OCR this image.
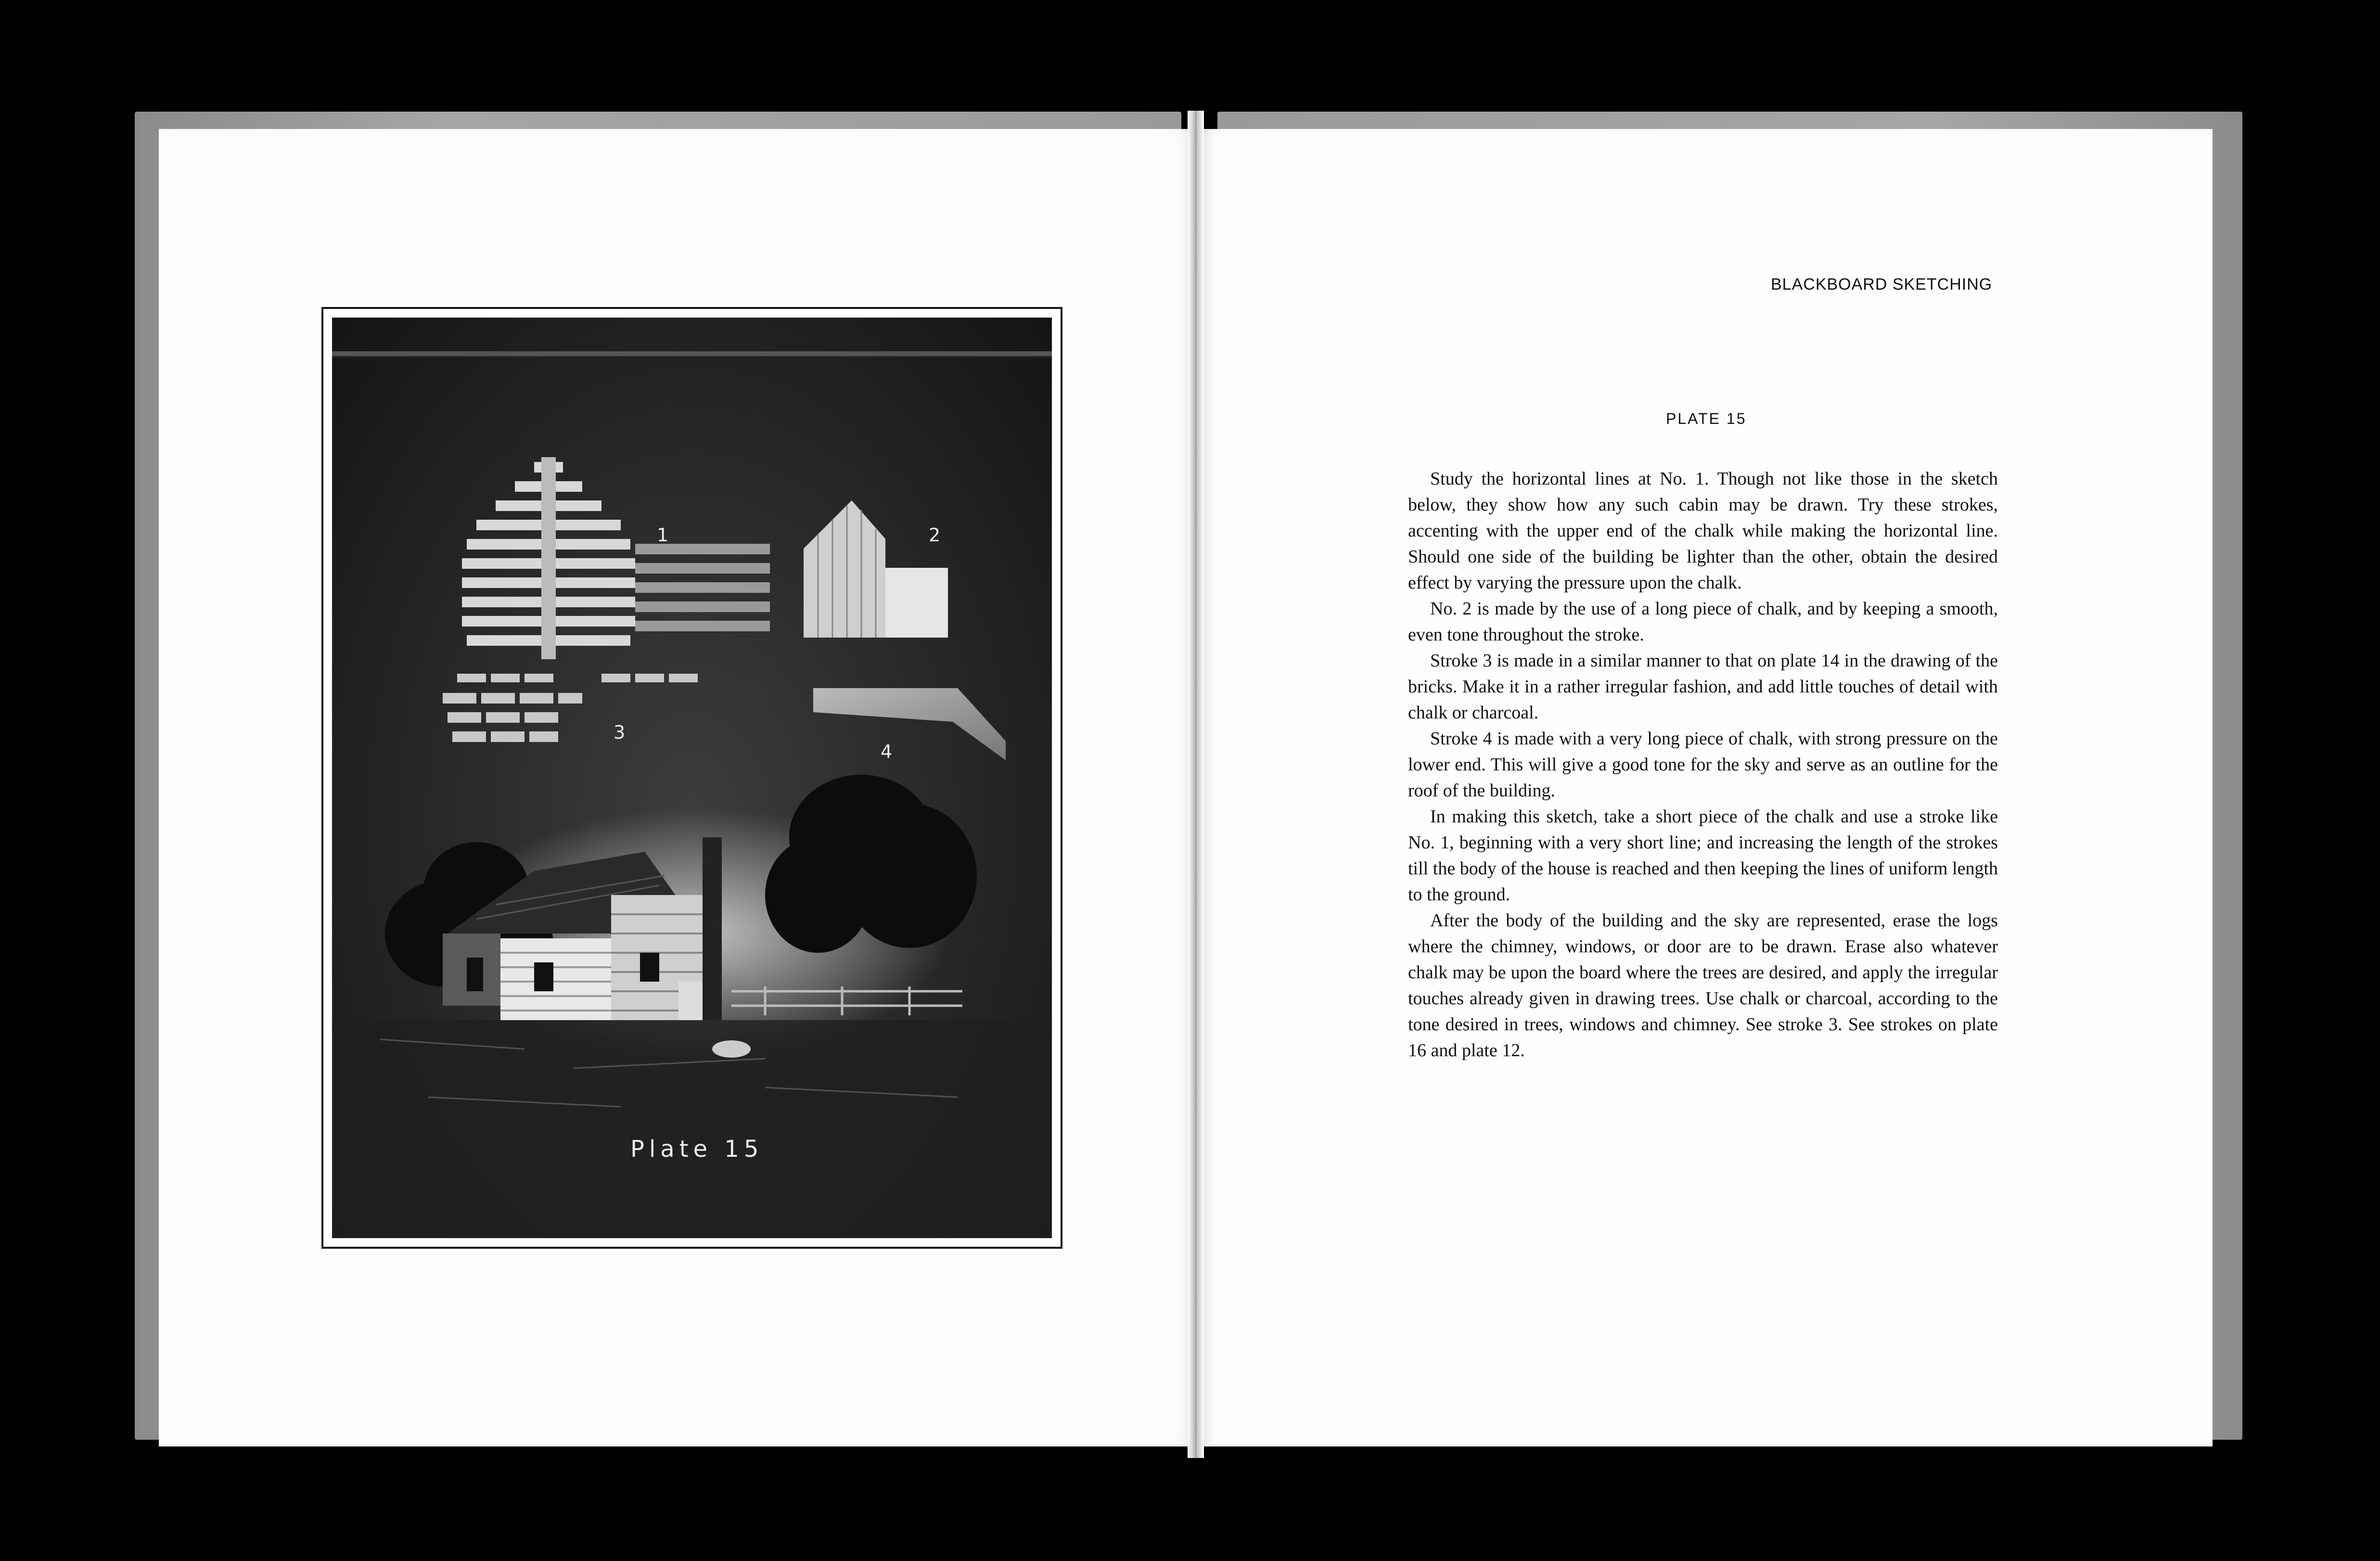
1	2
3
4
Plate 15
BLACKBOARD SKETCHING
PLATE 15

Study the horizontal lines at No. 1. Though not like those in the sketch below, they show how any such cabin may be drawn. Try these strokes, accenting with the upper end of the chalk while making the horizontal line. Should one side of the building be lighter than the other, obtain the desired effect by varying the pressure upon the chalk.

No. 2 is made by the use of a long piece of chalk, and by keeping a smooth, even tone throughout the stroke.

Stroke 3 is made in a similar manner to that on plate 14 in the drawing of the bricks. Make it in a rather irregular fashion, and add little touches of detail with chalk or charcoal.

Stroke 4 is made with a very long piece of chalk, with strong pressure on the lower end. This will give a good tone for the sky and serve as an outline for the roof of the building.

In making this sketch, take a short piece of the chalk and use a stroke like No. 1, beginning with a very short line; and increasing the length of the strokes till the body of the house is reached and then keeping the lines of uniform length to the ground.

After the body of the building and the sky are represented, erase the logs where the chimney, windows, or door are to be drawn. Erase also whatever chalk may be upon the board where the trees are desired, and apply the irregular touches already given in drawing trees. Use chalk or charcoal, according to the tone desired in trees, windows and chimney. See stroke 3. See strokes on plate 16 and plate 12.
